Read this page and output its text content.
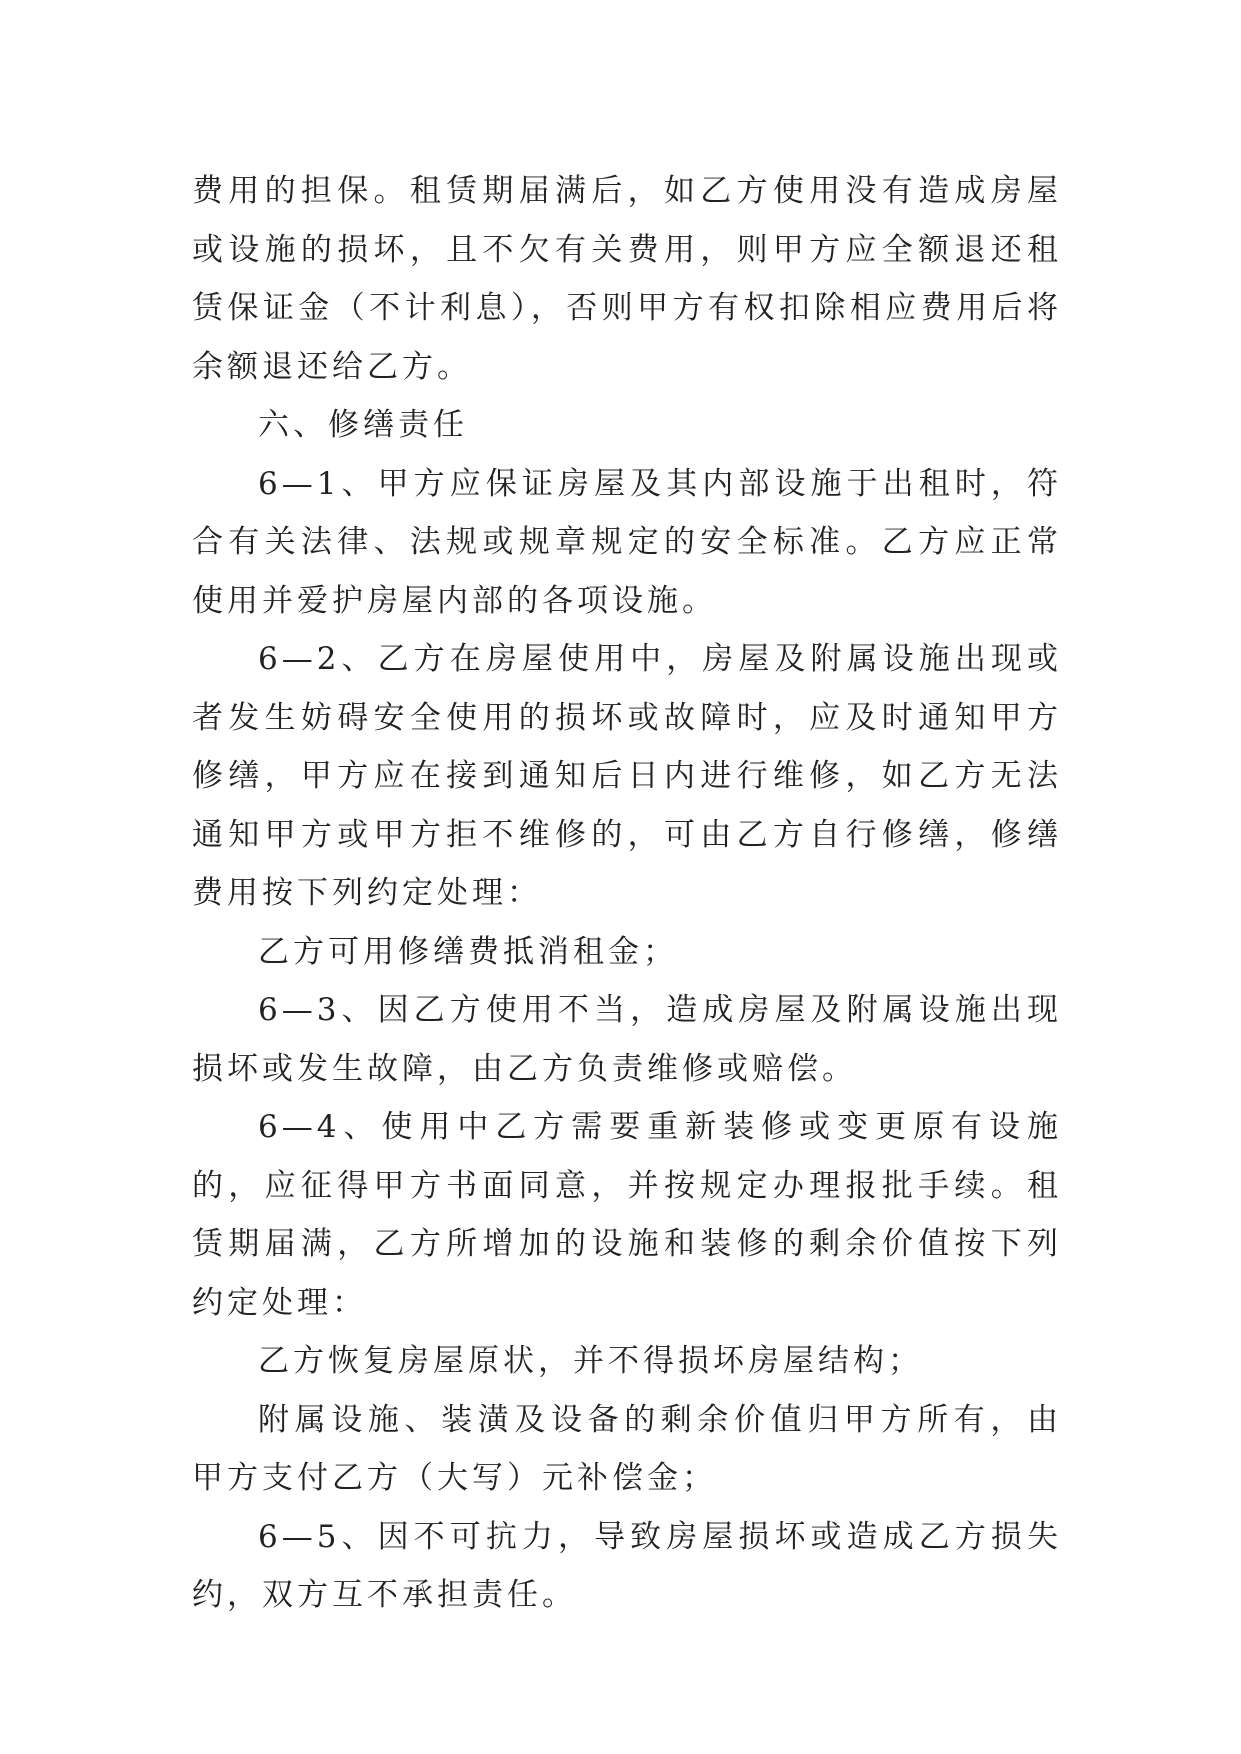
费用的担保。租赁期届满后，如乙方使用没有造成房屋或设施的损坏，且不欠有关费用，则甲方应全额退还租赁保证金（不计利息），否则甲方有权扣除相应费用后将余额退还给乙方。

六、修缮责任

6—1、甲方应保证房屋及其内部设施于出租时，符合有关法律、法规或规章规定的安全标准。乙方应正常使用并爱护房屋内部的各项设施。

6—2、乙方在房屋使用中，房屋及附属设施出现或者发生妨碍安全使用的损坏或故障时，应及时通知甲方修缮，甲方应在接到通知后日内进行维修，如乙方无法通知甲方或甲方拒不维修的，可由乙方自行修缮，修缮费用按下列约定处理：

乙方可用修缮费抵消租金；

6—3、因乙方使用不当，造成房屋及附属设施出现损坏或发生故障，由乙方负责维修或赔偿。

6—4、使用中乙方需要重新装修或变更原有设施的，应征得甲方书面同意，并按规定办理报批手续。租赁期届满，乙方所增加的设施和装修的剩余价值按下列约定处理：

乙方恢复房屋原状，并不得损坏房屋结构；

附属设施、装潢及设备的剩余价值归甲方所有，由甲方支付乙方（大写）元补偿金；

6—5、因不可抗力，导致房屋损坏或造成乙方损失约，双方互不承担责任。
